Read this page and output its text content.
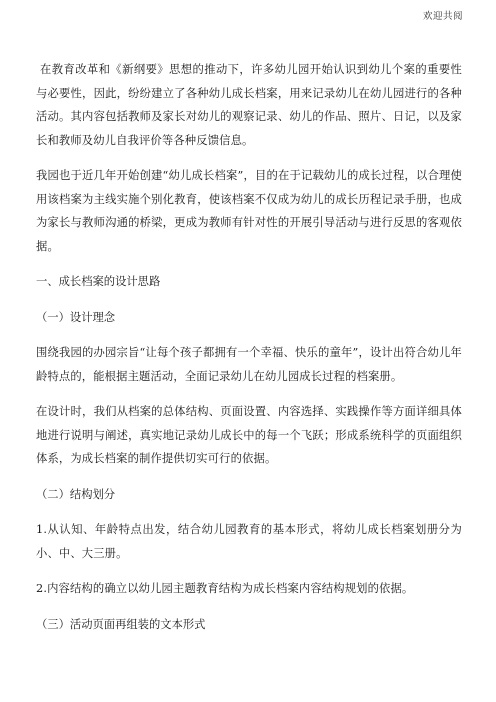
欢迎共阅

在教育改革和《新纲要》思想的推动下，许多幼儿园开始认识到幼儿个案的重要性与必要性，因此，纷纷建立了各种幼儿成长档案，用来记录幼儿在幼儿园进行的各种活动。其内容包括教师及家长对幼儿的观察记录、幼儿的作品、照片、日记，以及家长和教师及幼儿自我评价等各种反馈信息。

我园也于近几年开始创建“幼儿成长档案”，目的在于记载幼儿的成长过程，以合理使用该档案为主线实施个别化教育，使该档案不仅成为幼儿的成长历程记录手册，也成为家长与教师沟通的桥梁，更成为教师有针对性的开展引导活动与进行反思的客观依据。

一、成长档案的设计思路

（一）设计理念

围绕我园的办园宗旨“让每个孩子都拥有一个幸福、快乐的童年”，设计出符合幼儿年龄特点的，能根据主题活动，全面记录幼儿在幼儿园成长过程的档案册。

在设计时，我们从档案的总体结构、页面设置、内容选择、实践操作等方面详细具体地进行说明与阐述，真实地记录幼儿成长中的每一个飞跃；形成系统科学的页面组织体系，为成长档案的制作提供切实可行的依据。

（二）结构划分

1.从认知、年龄特点出发，结合幼儿园教育的基本形式，将幼儿成长档案划册分为小、中、大三册。

2.内容结构的确立以幼儿园主题教育结构为成长档案内容结构规划的依据。

（三）活动页面再组装的文本形式
